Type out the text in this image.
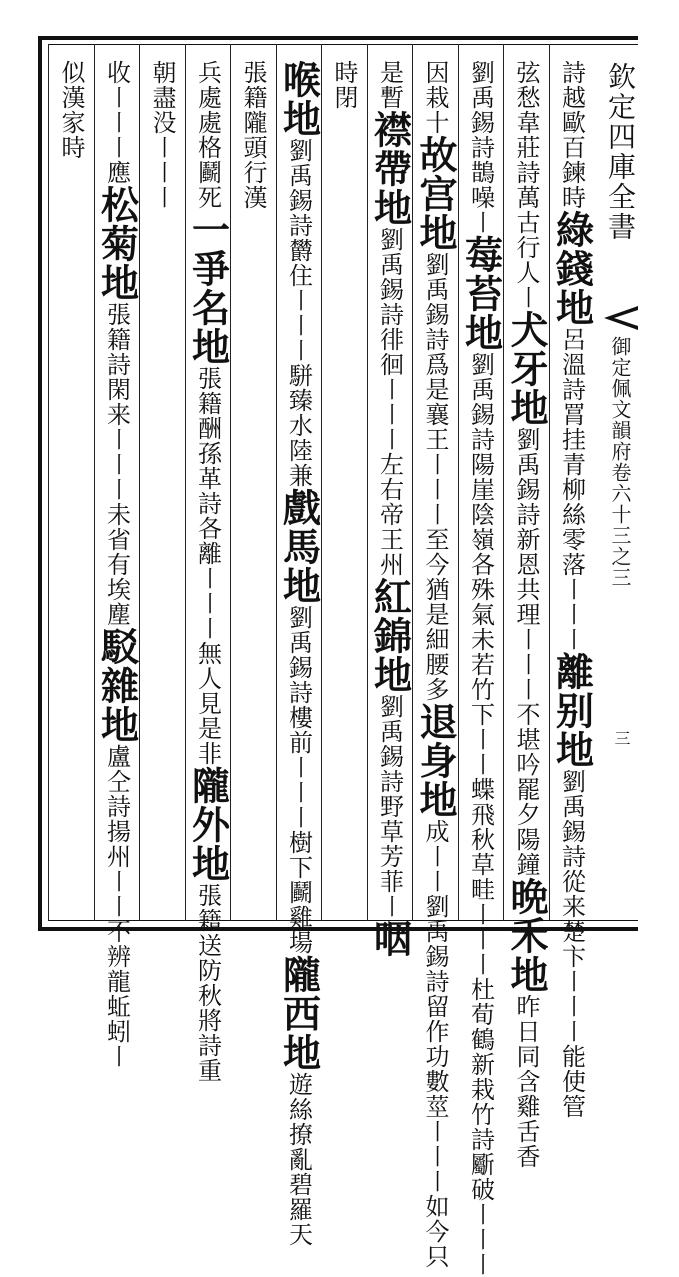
欽定四庫全書
御定佩文韻府卷六十三之三
三
詩越歐百鍊時綠錢地呂溫詩罥挂青柳絲零落〡〡〡離别地劉禹錫詩從来楚卞〡〡〡能使管
弦愁韋莊詩萬古行人〡犬牙地劉禹錫詩新恩共理〡〡〡不堪吟罷夕陽鐘晩禾地昨日同含雞舌香
劉禹錫詩鵲噪〡莓苔地劉禹錫詩陽崖陰嶺各殊氣未若竹下〡〡蝶飛秋草畦〡〡〡杜荀鶴新栽竹詩斸破〡〡〡
因栽十故宫地劉禹錫詩爲是襄王〡〡〡至今猶是細腰多退身地成〡〡劉禹錫詩留作功數莖〡〡〡如今只
是暫襟帶地劉禹錫詩徘徊〡〡〡左右帝王州紅錦地劉禹錫詩野草芳菲〡咽
時閉
喉地劉禹錫詩欝住〡〡〡駢臻水陸兼戲馬地劉禹錫詩樓前〡〡〡樹下鬬雞場隴西地遊絲撩亂碧羅天
張籍隴頭行漢
兵處處格鬬死一爭名地張籍酬孫革詩各離〡〡〡無人見是非隴外地張籍送防秋將詩重
朝盡没〡〡〡
收〡〡〡應松菊地張籍詩閑来〡〡〡未省有埃塵駁雜地盧仝詩揚州〡〡不辨龍蚯蚓〡
似漢家時
